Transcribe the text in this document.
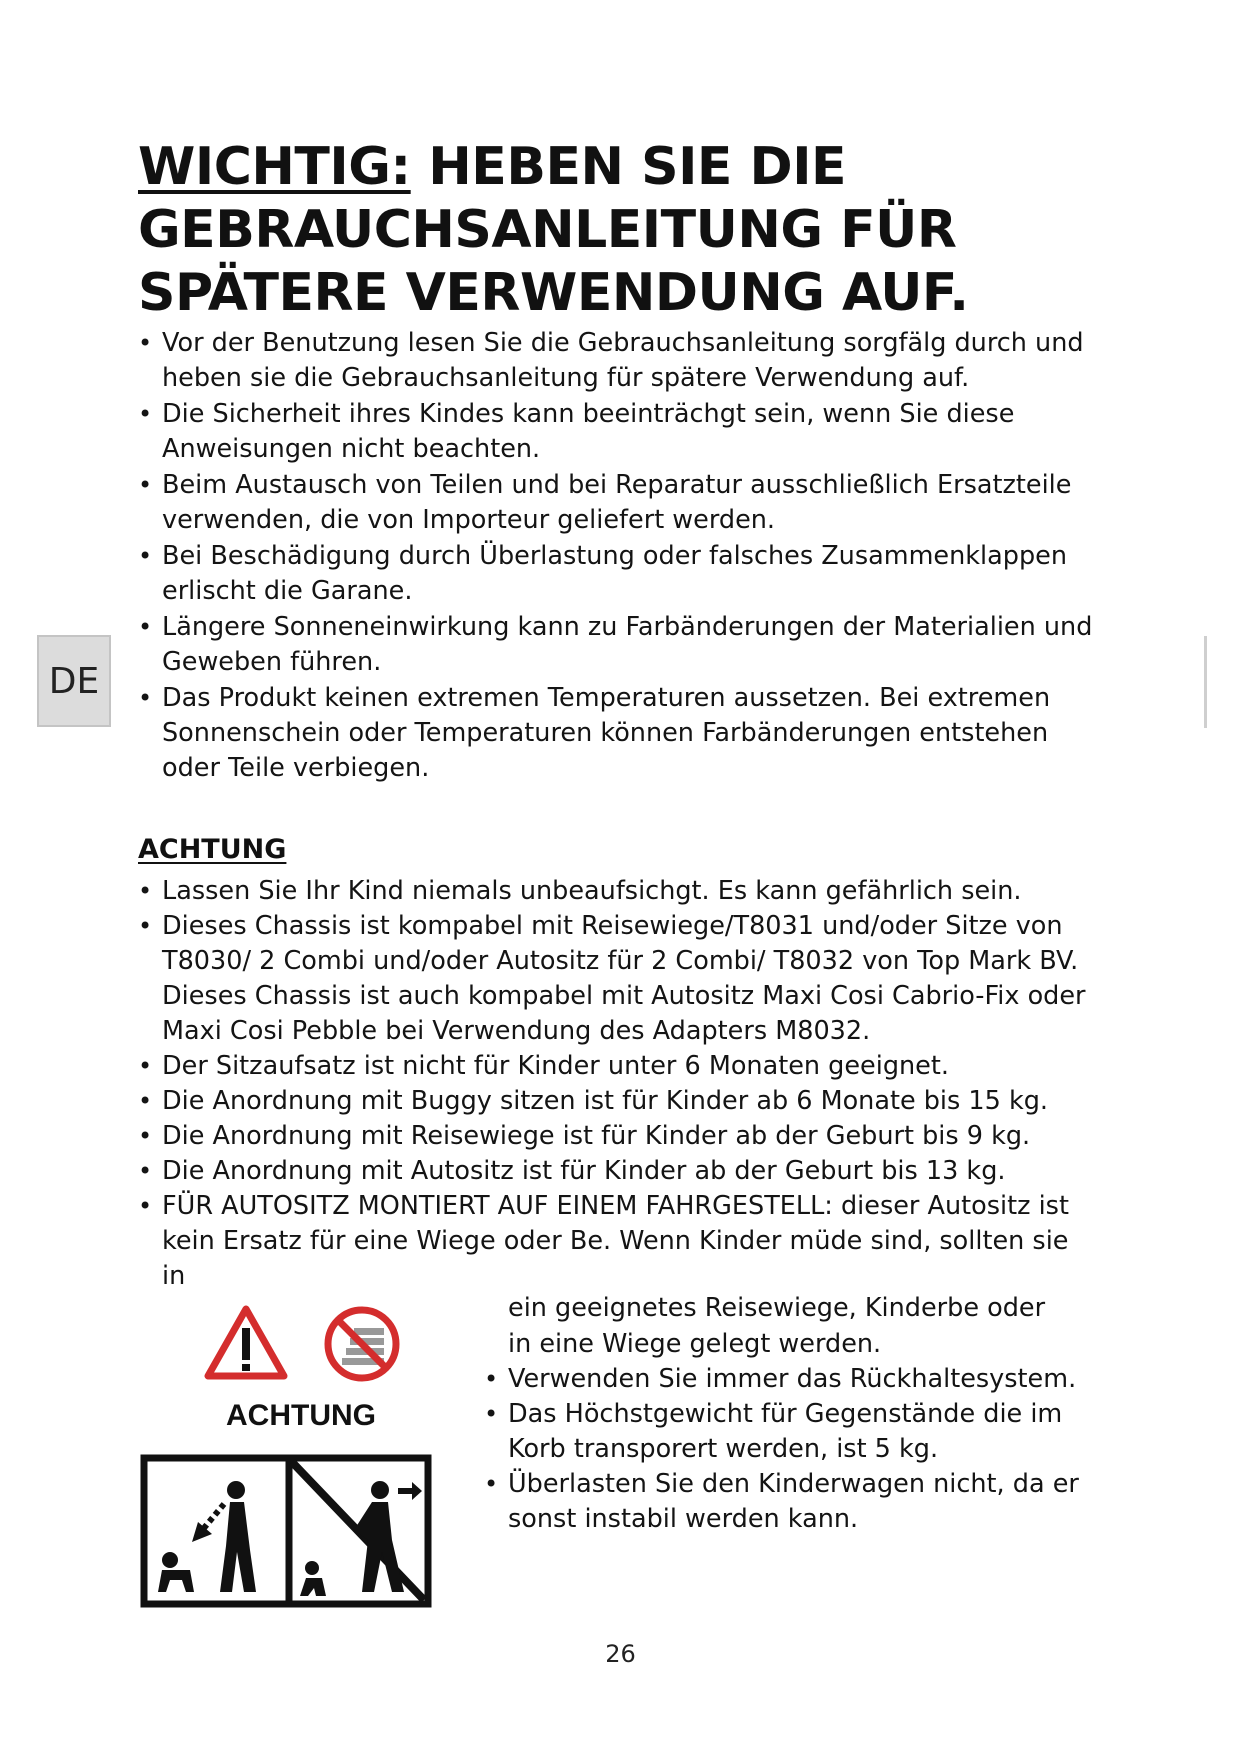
WICHTIG: HEBEN SIE DIE
GEBRAUCHSANLEITUNG FÜR
SPÄTERE VERWENDUNG AUF.
DE
• Vor der Benutzung lesen Sie die Gebrauchsanleitung sorgfälg durch und heben sie die Gebrauchsanleitung für spätere Verwendung auf.
• Die Sicherheit ihres Kindes kann beeinträchgt sein, wenn Sie diese Anweisungen nicht beachten.
• Beim Austausch von Teilen und bei Reparatur ausschließlich Ersatzteile verwenden, die von Importeur geliefert werden.
• Bei Beschädigung durch Überlastung oder falsches Zusammenklappen erlischt die Garane.
• Längere Sonneneinwirkung kann zu Farbänderungen der Materialien und Geweben führen.
• Das Produkt keinen extremen Temperaturen aussetzen. Bei extremen Sonnenschein oder Temperaturen können Farbänderungen entstehen oder Teile verbiegen.
ACHTUNG
• Lassen Sie Ihr Kind niemals unbeaufsichgt. Es kann gefährlich sein.
• Dieses Chassis ist kompabel mit Reisewiege/T8031 und/oder Sitze von T8030/ 2 Combi und/oder Autositz für 2 Combi/ T8032 von Top Mark BV. Dieses Chassis ist auch kompabel mit Autositz Maxi Cosi Cabrio-Fix oder Maxi Cosi Pebble bei Verwendung des Adapters M8032.
• Der Sitzaufsatz ist nicht für Kinder unter 6 Monaten geeignet.
• Die Anordnung mit Buggy sitzen ist für Kinder ab 6 Monate bis 15 kg.
• Die Anordnung mit Reisewiege ist für Kinder ab der Geburt bis 9 kg.
• Die Anordnung mit Autositz ist für Kinder ab der Geburt bis 13 kg.
• FÜR AUTOSITZ MONTIERT AUF EINEM FAHRGESTELL: dieser Autositz ist kein Ersatz für eine Wiege oder Be. Wenn Kinder müde sind, sollten sie in
ein geeignetes Reisewiege, Kinderbe oder in eine Wiege gelegt werden.
• Verwenden Sie immer das Rückhaltesystem.
• Das Höchstgewicht für Gegenstände die im Korb transporert werden, ist 5 kg.
• Überlasten Sie den Kinderwagen nicht, da er sonst instabil werden kann.
ACHTUNG
26
